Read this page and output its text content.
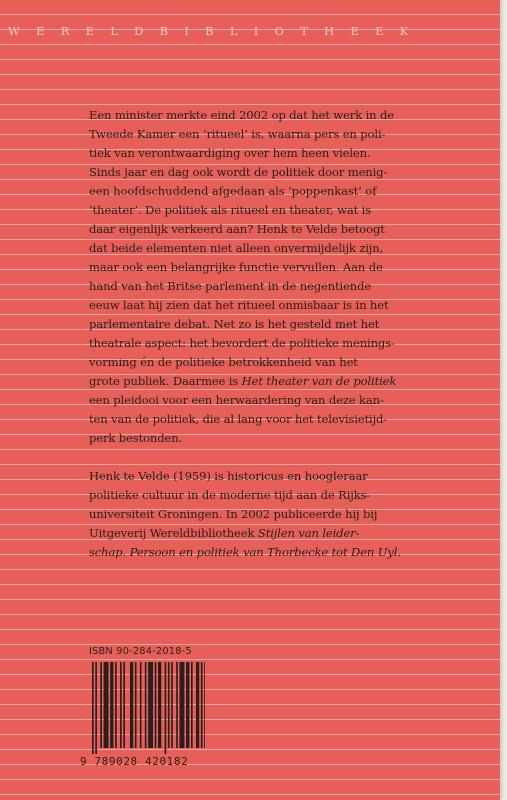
W E R E L D B I B L I O T H E E K

Een minister merkte eind 2002 op dat het werk in de
Tweede Kamer een ‘ritueel’ is, waarna pers en poli-
tiek van verontwaardiging over hem heen vielen.
Sinds jaar en dag ook wordt de politiek door menig-
een hoofdschuddend afgedaan als ‘poppenkast’ of
‘theater’. De politiek als ritueel en theater, wat is
daar eigenlijk verkeerd aan? Henk te Velde betoogt
dat beide elementen niet alleen onvermijdelijk zijn,
maar ook een belangrijke functie vervullen. Aan de
hand van het Britse parlement in de negentiende
eeuw laat hij zien dat het ritueel onmisbaar is in het
parlementaire debat. Net zo is het gesteld met het
theatrale aspect: het bevordert de politieke menings-
vorming én de politieke betrokkenheid van het
grote publiek. Daarmee is Het theater van de politiek
een pleidooi voor een herwaardering van deze kan-
ten van de politiek, die al lang voor het televisietijd-
perk bestonden.

Henk te Velde (1959) is historicus en hoogleraar
politieke cultuur in de moderne tijd aan de Rijks-
universiteit Groningen. In 2002 publiceerde hij bij
Uitgeverij Wereldbibliotheek Stijlen van leider-
schap. Persoon en politiek van Thorbecke tot Den Uyl.

ISBN 90-284-2018-5
9 789028 420182
